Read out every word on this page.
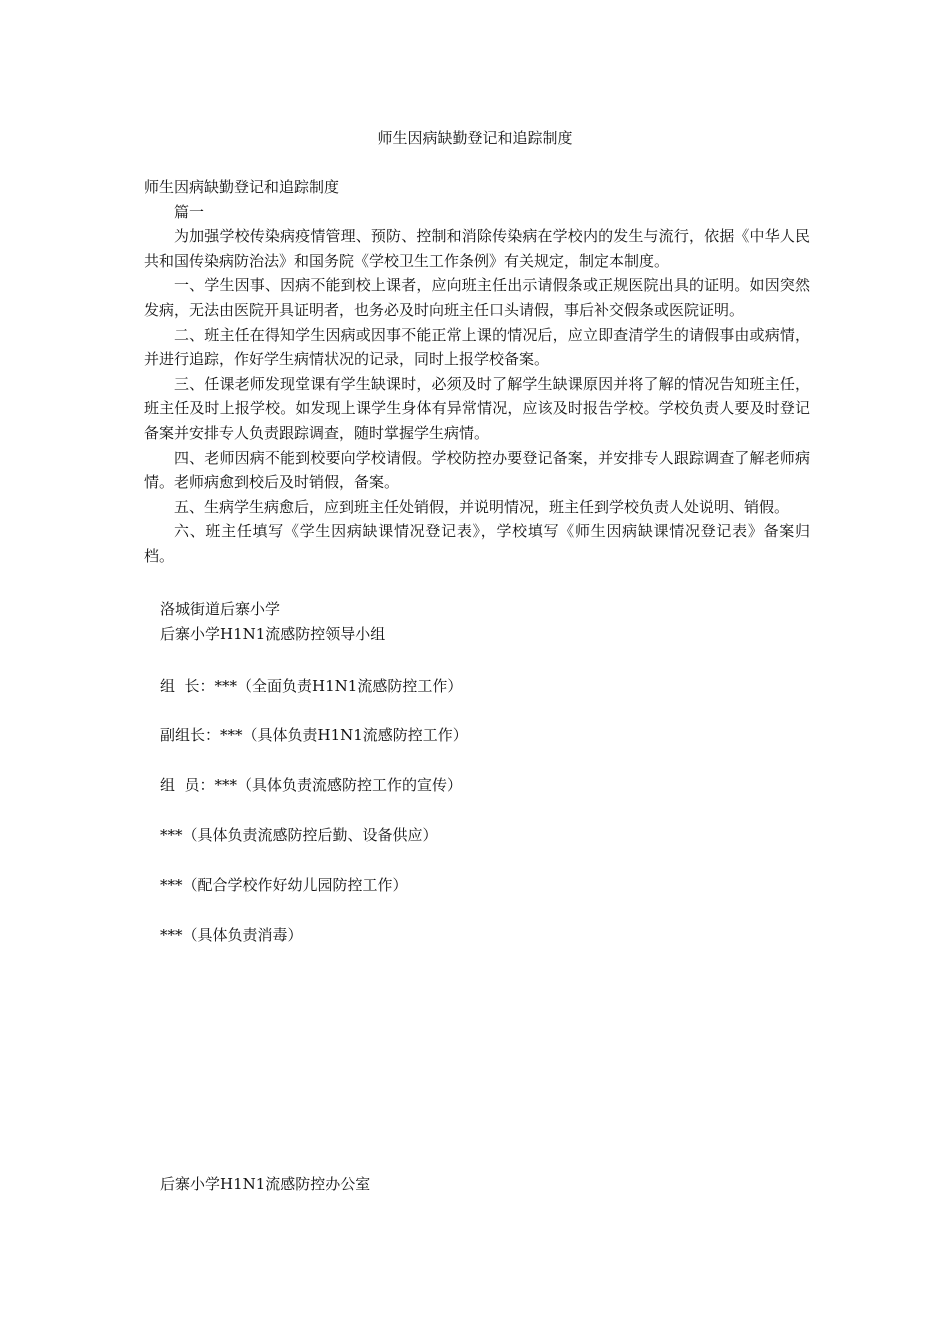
师生因病缺勤登记和追踪制度

师生因病缺勤登记和追踪制度

篇一

为加强学校传染病疫情管理、预防、控制和消除传染病在学校内的发生与流行，依据《中华人民共和国传染病防治法》和国务院《学校卫生工作条例》有关规定，制定本制度。

一、学生因事、因病不能到校上课者，应向班主任出示请假条或正规医院出具的证明。如因突然发病，无法由医院开具证明者，也务必及时向班主任口头请假，事后补交假条或医院证明。

二、班主任在得知学生因病或因事不能正常上课的情况后，应立即查清学生的请假事由或病情，并进行追踪，作好学生病情状况的记录，同时上报学校备案。

三、任课老师发现堂课有学生缺课时，必须及时了解学生缺课原因并将了解的情况告知班主任，班主任及时上报学校。如发现上课学生身体有异常情况，应该及时报告学校。学校负责人要及时登记备案并安排专人负责跟踪调查，随时掌握学生病情。

四、老师因病不能到校要向学校请假。学校防控办要登记备案，并安排专人跟踪调查了解老师病情。老师病愈到校后及时销假，备案。

五、生病学生病愈后，应到班主任处销假，并说明情况，班主任到学校负责人处说明、销假。

六、班主任填写《学生因病缺课情况登记表》，学校填写《师生因病缺课情况登记表》备案归档。

洛城街道后寨小学
后寨小学H1N1流感防控领导小组
组  长：***（全面负责H1N1流感防控工作）
副组长：***（具体负责H1N1流感防控工作）
组  员：***（具体负责流感防控工作的宣传）
***（具体负责流感防控后勤、设备供应）
***（配合学校作好幼儿园防控工作）
***（具体负责消毒）
后寨小学H1N1流感防控办公室
